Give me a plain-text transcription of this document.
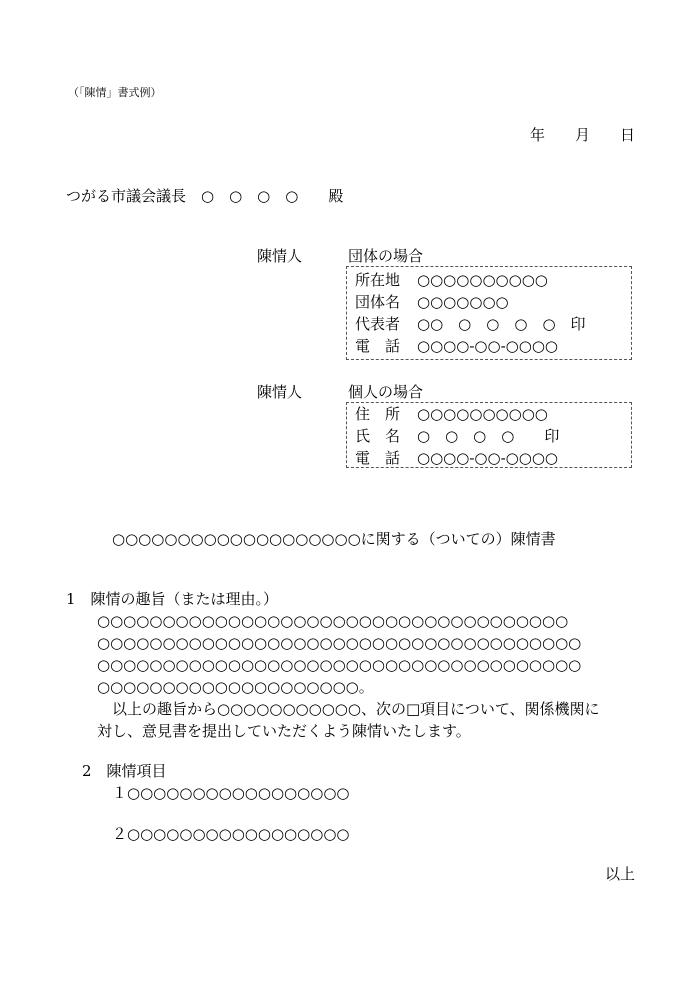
（「陳情」書式例）
年　　月　　日
つがる市議会議長　○　○　○　○　　殿
陳情人	団体の場合
所在地	○○○○○○○○○○
団体名	○○○○○○○
代表者	○○　○　○　○　○　印
電　話	○○○○-○○-○○○○
陳情人	個人の場合
住　所	○○○○○○○○○○
氏　名	○　○　○　○　　印
電　話	○○○○-○○-○○○○
○○○○○○○○○○○○○○○○○○○に関する（ついての）陳情書
1　陳情の趣旨（または理由。）
○○○○○○○○○○○○○○○○○○○○○○○○○○○○○○○○○○○○
○○○○○○○○○○○○○○○○○○○○○○○○○○○○○○○○○○○○○
○○○○○○○○○○○○○○○○○○○○○○○○○○○○○○○○○○○○○
○○○○○○○○○○○○○○○○○○○○。
以上の趣旨から○○○○○○○○○○○、次の□項目について、関係機関に
対し、意見書を提出していただくよう陳情いたします。
2　陳情項目
１○○○○○○○○○○○○○○○○○
２○○○○○○○○○○○○○○○○○
以上
